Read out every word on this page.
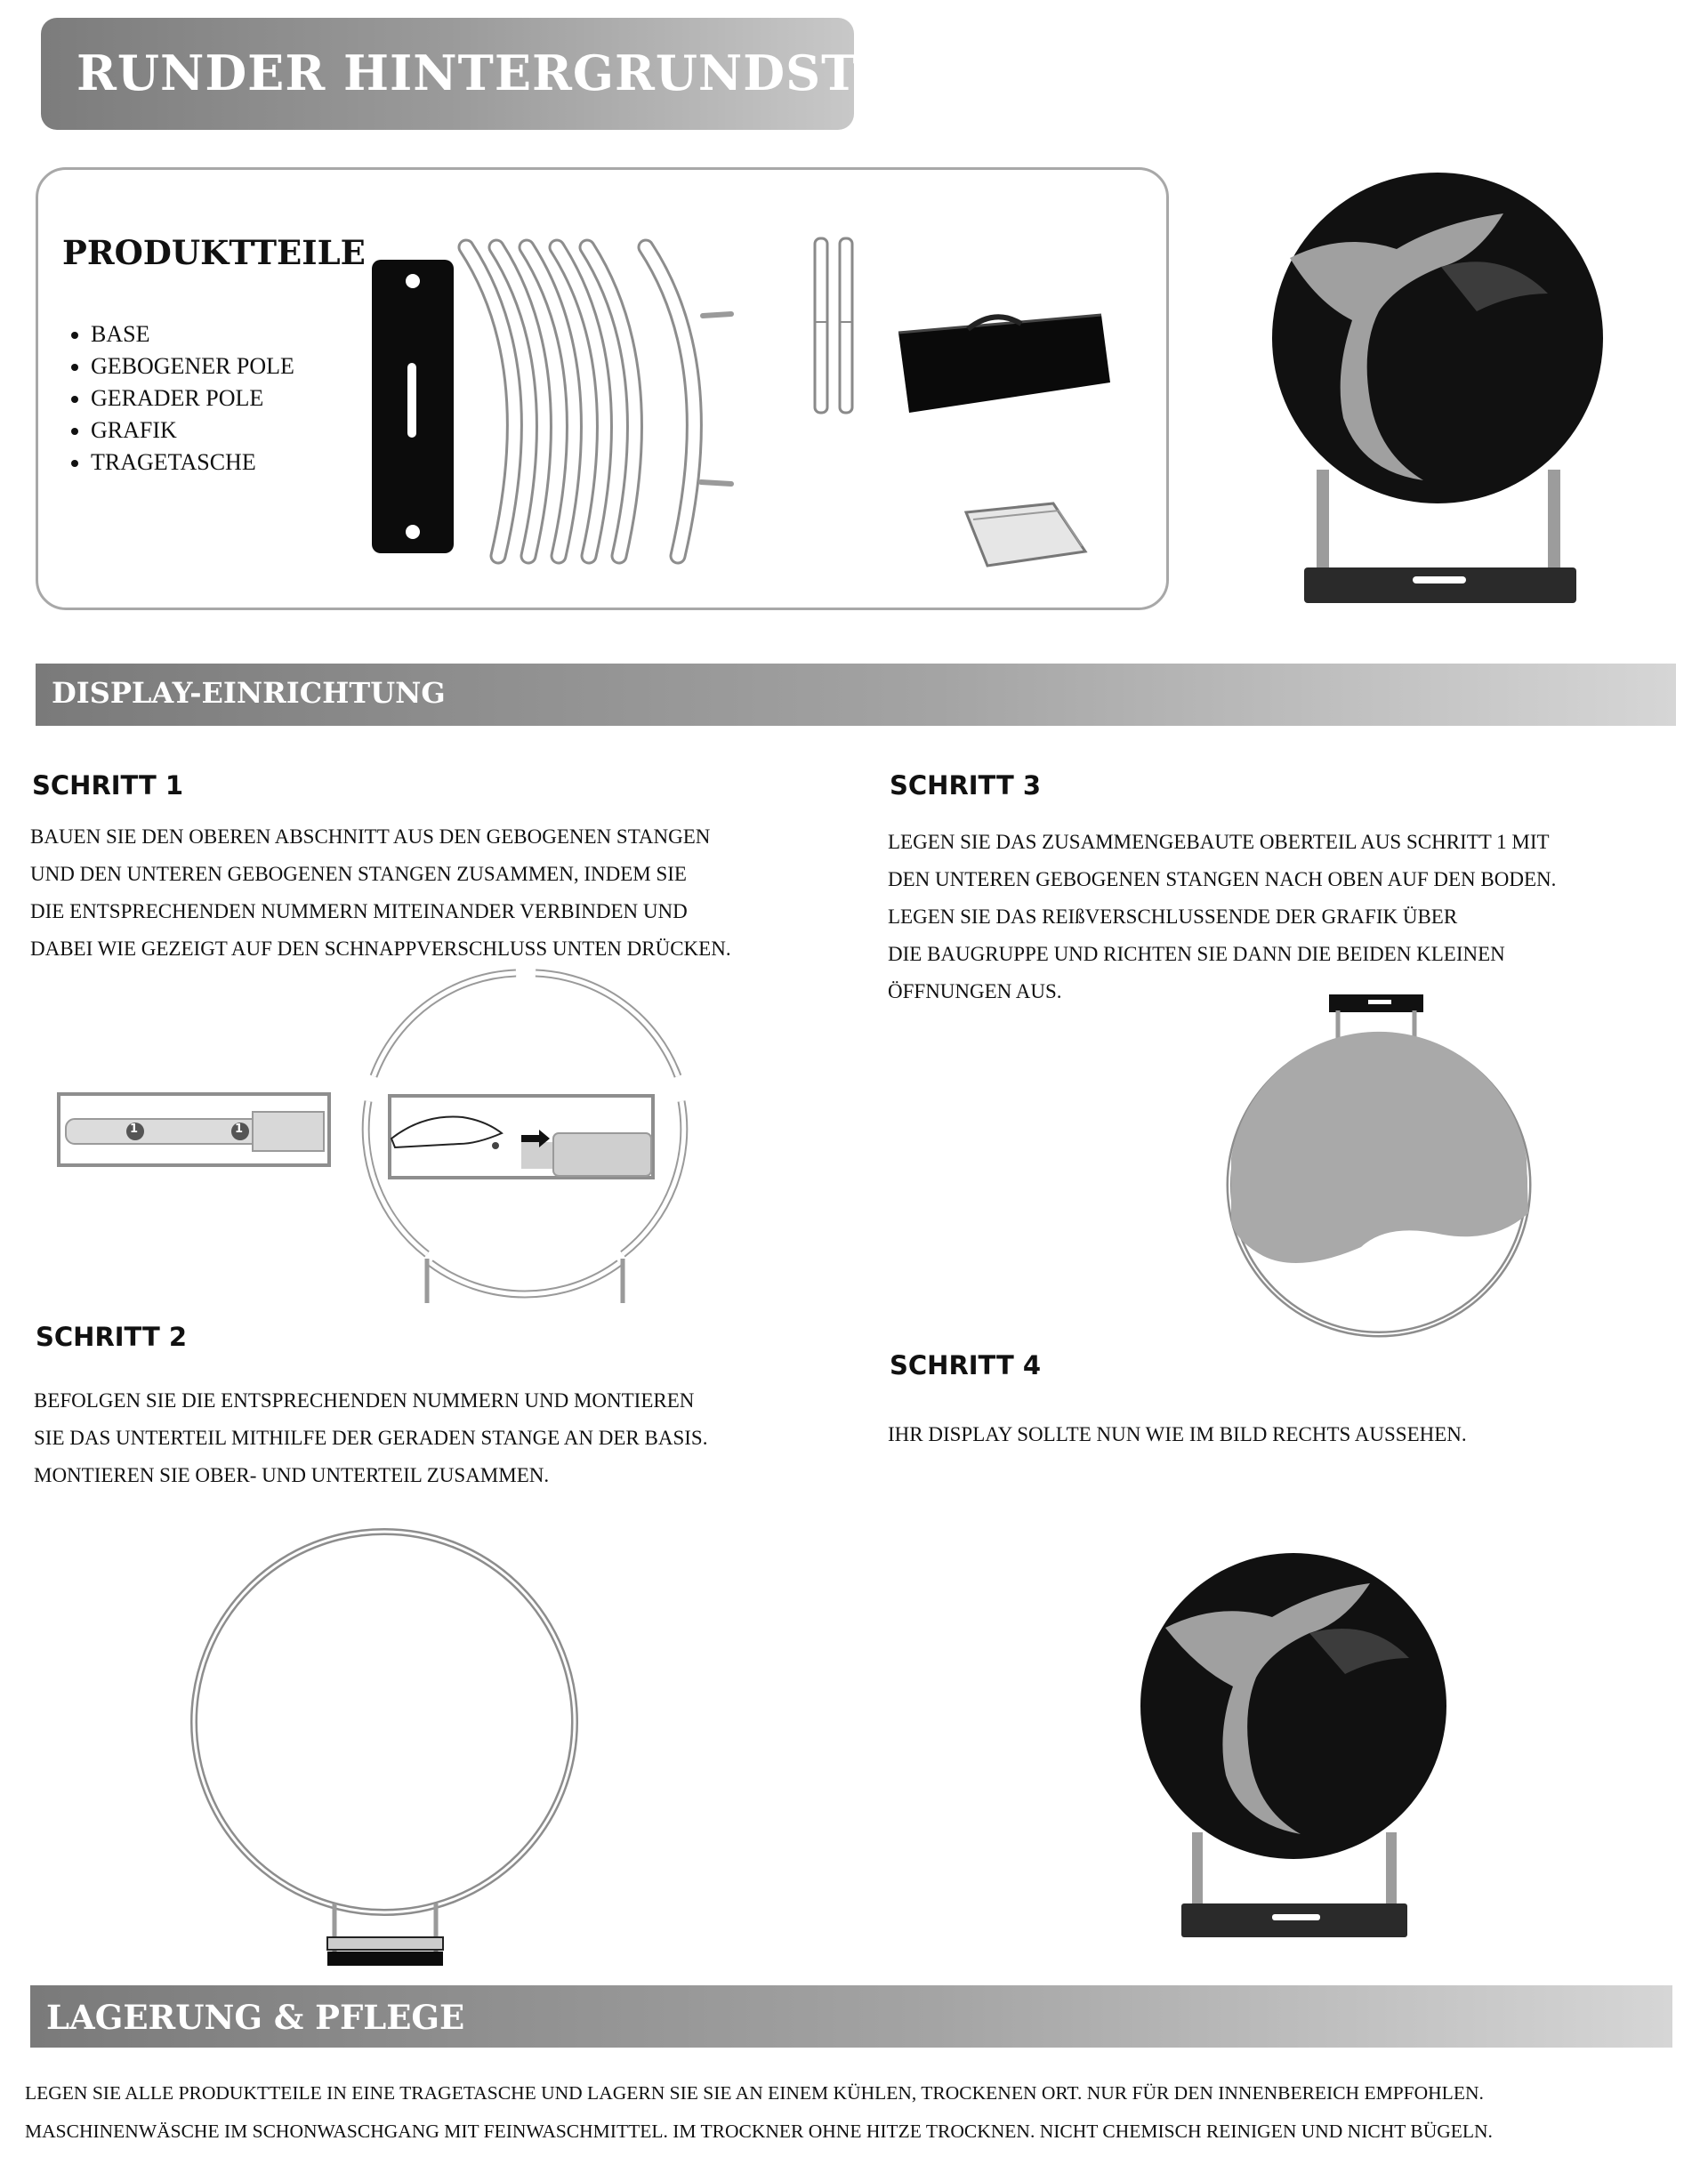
RUNDER HINTERGRUNDSTÄNDER
PRODUKTTEILE
BASE
GEBOGENER POLE
GERADER POLE
GRAFIK
TRAGETASCHE
DISPLAY-EINRICHTUNG
SCHRITT 1
BAUEN SIE DEN OBEREN ABSCHNITT AUS DEN GEBOGENEN STANGEN
UND DEN UNTEREN GEBOGENEN STANGEN ZUSAMMEN, INDEM SIE
DIE ENTSPRECHENDEN NUMMERN MITEINANDER VERBINDEN UND
DABEI WIE GEZEIGT AUF DEN SCHNAPPVERSCHLUSS UNTEN DRÜCKEN.
1	1
SCHRITT 2
BEFOLGEN SIE DIE ENTSPRECHENDEN NUMMERN UND MONTIEREN
SIE DAS UNTERTEIL MITHILFE DER GERADEN STANGE AN DER BASIS.
MONTIEREN SIE OBER- UND UNTERTEIL ZUSAMMEN.
SCHRITT 3
LEGEN SIE DAS ZUSAMMENGEBAUTE OBERTEIL AUS SCHRITT 1 MIT
DEN UNTEREN GEBOGENEN STANGEN NACH OBEN AUF DEN BODEN.
LEGEN SIE DAS REIßVERSCHLUSSENDE DER GRAFIK ÜBER
DIE BAUGRUPPE UND RICHTEN SIE DANN DIE BEIDEN KLEINEN
ÖFFNUNGEN AUS.
SCHRITT 4
IHR DISPLAY SOLLTE NUN WIE IM BILD RECHTS AUSSEHEN.
LAGERUNG & PFLEGE
LEGEN SIE ALLE PRODUKTTEILE IN EINE TRAGETASCHE UND LAGERN SIE SIE AN EINEM KÜHLEN, TROCKENEN ORT. NUR FÜR DEN INNENBEREICH EMPFOHLEN.
MASCHINENWÄSCHE IM SCHONWASCHGANG MIT FEINWASCHMITTEL. IM TROCKNER OHNE HITZE TROCKNEN. NICHT CHEMISCH REINIGEN UND NICHT BÜGELN.
